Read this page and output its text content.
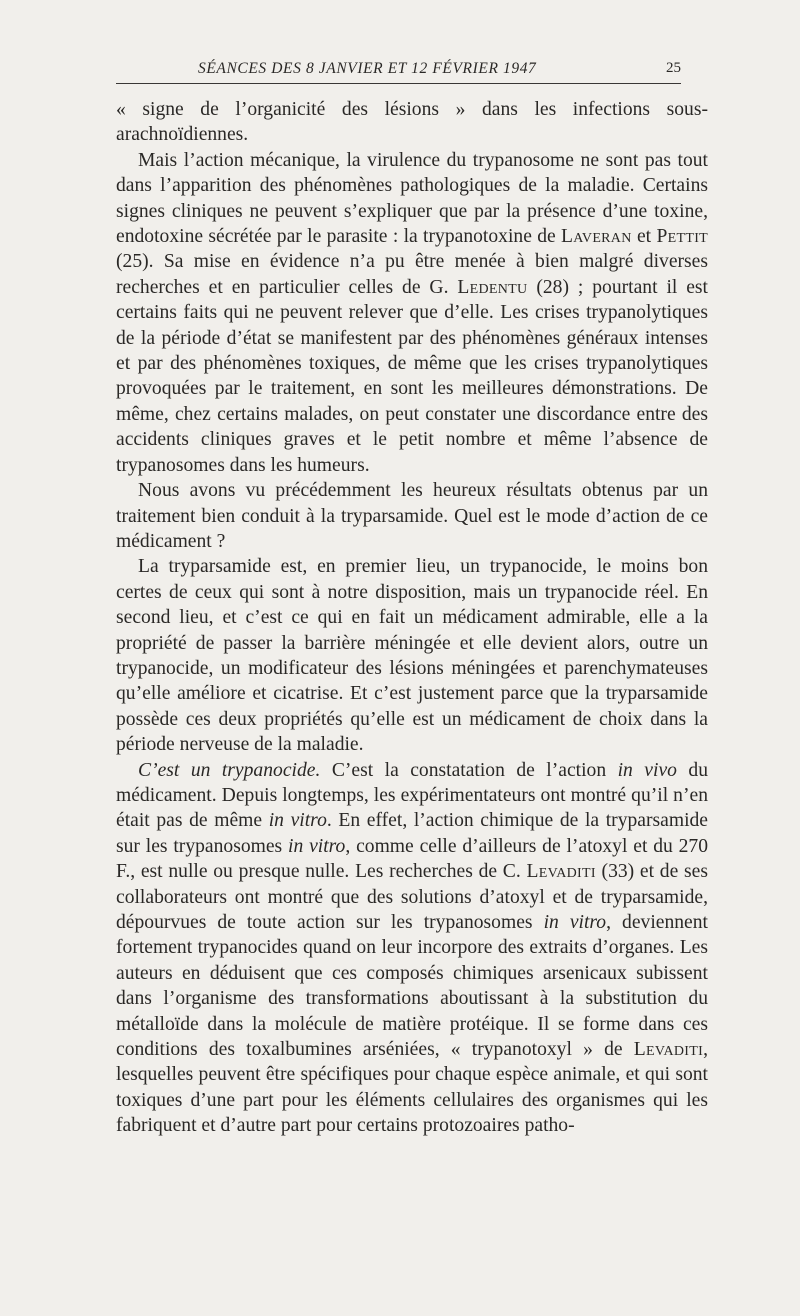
SÉANCES DES 8 JANVIER ET 12 FÉVRIER 1947	25

« signe de l’organicité des lésions » dans les infections sous-arachnoïdiennes.

Mais l’action mécanique, la virulence du trypanosome ne sont pas tout dans l’apparition des phénomènes pathologiques de la maladie. Certains signes cliniques ne peuvent s’expliquer que par la présence d’une toxine, endotoxine sécrétée par le parasite : la trypanotoxine de Laveran et Pettit (25). Sa mise en évidence n’a pu être menée à bien malgré diverses recherches et en particulier celles de G. Ledentu (28) ; pourtant il est certains faits qui ne peuvent relever que d’elle. Les crises trypanolytiques de la période d’état se manifestent par des phénomènes généraux intenses et par des phénomènes toxiques, de même que les crises trypanolytiques provoquées par le traitement, en sont les meilleures démonstrations. De même, chez certains malades, on peut constater une discordance entre des accidents cliniques graves et le petit nombre et même l’absence de trypanosomes dans les humeurs.

Nous avons vu précédemment les heureux résultats obtenus par un traitement bien conduit à la tryparsamide. Quel est le mode d’action de ce médicament ?

La tryparsamide est, en premier lieu, un trypanocide, le moins bon certes de ceux qui sont à notre disposition, mais un trypanocide réel. En second lieu, et c’est ce qui en fait un médicament admirable, elle a la propriété de passer la barrière méningée et elle devient alors, outre un trypanocide, un modificateur des lésions méningées et parenchymateuses qu’elle améliore et cicatrise. Et c’est justement parce que la tryparsamide possède ces deux propriétés qu’elle est un médicament de choix dans la période nerveuse de la maladie.

C’est un trypanocide. C’est la constatation de l’action in vivo du médicament. Depuis longtemps, les expérimentateurs ont montré qu’il n’en était pas de même in vitro. En effet, l’action chimique de la tryparsamide sur les trypanosomes in vitro, comme celle d’ailleurs de l’atoxyl et du 270 F., est nulle ou presque nulle. Les recherches de C. Levaditi (33) et de ses collaborateurs ont montré que des solutions d’atoxyl et de tryparsamide, dépourvues de toute action sur les trypanosomes in vitro, deviennent fortement trypanocides quand on leur incorpore des extraits d’organes. Les auteurs en déduisent que ces composés chimiques arsenicaux subissent dans l’organisme des transformations aboutissant à la substitution du métalloïde dans la molécule de matière protéique. Il se forme dans ces conditions des toxalbumines arséniées, « trypanotoxyl » de Levaditi, lesquelles peuvent être spécifiques pour chaque espèce animale, et qui sont toxiques d’une part pour les éléments cellulaires des organismes qui les fabriquent et d’autre part pour certains protozoaires patho-
